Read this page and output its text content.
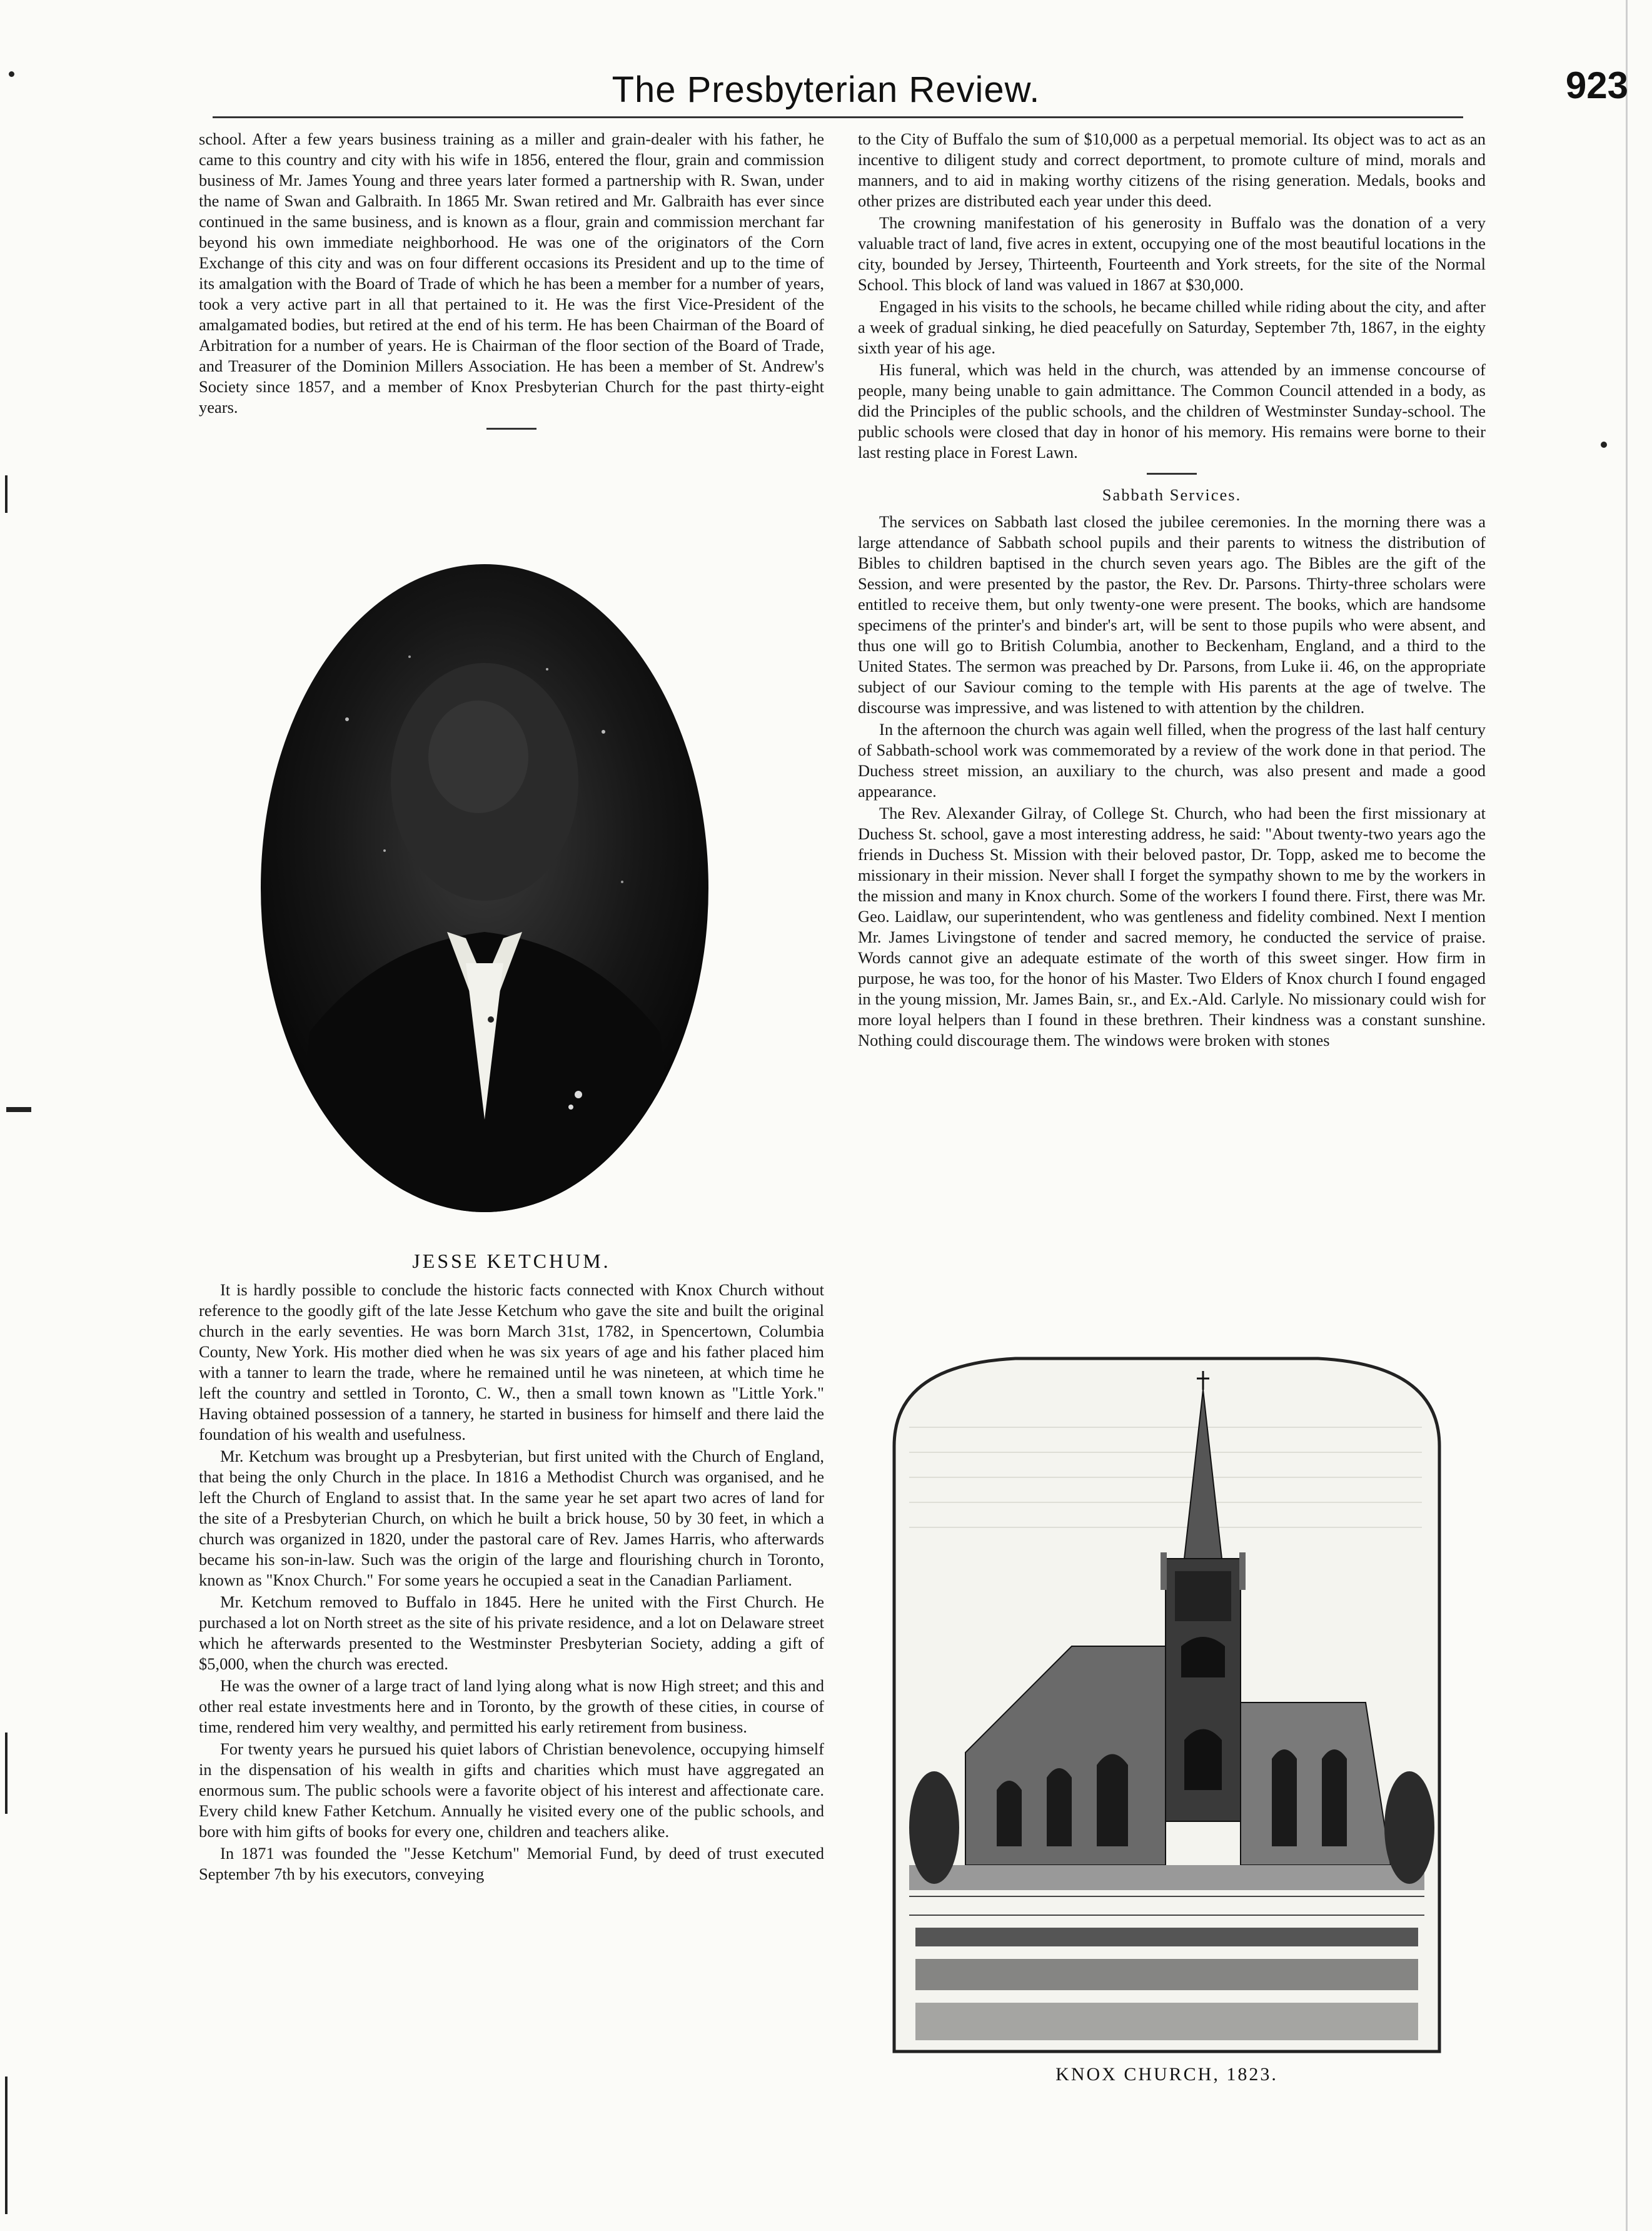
The Presbyterian Review.	923

school. After a few years business training as a miller and grain-dealer with his father, he came to this country and city with his wife in 1856, entered the flour, grain and commission business of Mr. James Young and three years later formed a partnership with R. Swan, under the name of Swan and Galbraith. In 1865 Mr. Swan retired and Mr. Galbraith has ever since continued in the same business, and is known as a flour, grain and commission merchant far beyond his own immediate neighborhood. He was one of the originators of the Corn Exchange of this city and was on four different occasions its President and up to the time of its amalgation with the Board of Trade of which he has been a member for a number of years, took a very active part in all that pertained to it. He was the first Vice-President of the amalgamated bodies, but retired at the end of his term. He has been Chairman of the Board of Arbitration for a number of years. He is Chairman of the floor section of the Board of Trade, and Treasurer of the Dominion Millers Association. He has been a member of St. Andrew's Society since 1857, and a member of Knox Presbyterian Church for the past thirty-eight years.

JESSE KETCHUM.

It is hardly possible to conclude the historic facts connected with Knox Church without reference to the goodly gift of the late Jesse Ketchum who gave the site and built the original church in the early seventies. He was born March 31st, 1782, in Spencertown, Columbia County, New York. His mother died when he was six years of age and his father placed him with a tanner to learn the trade, where he remained until he was nineteen, at which time he left the country and settled in Toronto, C. W., then a small town known as "Little York." Having obtained possession of a tannery, he started in business for himself and there laid the foundation of his wealth and usefulness.

Mr. Ketchum was brought up a Presbyterian, but first united with the Church of England, that being the only Church in the place. In 1816 a Methodist Church was organised, and he left the Church of England to assist that. In the same year he set apart two acres of land for the site of a Presbyterian Church, on which he built a brick house, 50 by 30 feet, in which a church was organized in 1820, under the pastoral care of Rev. James Harris, who afterwards became his son-in-law. Such was the origin of the large and flourishing church in Toronto, known as "Knox Church." For some years he occupied a seat in the Canadian Parliament.

Mr. Ketchum removed to Buffalo in 1845. Here he united with the First Church. He purchased a lot on North street as the site of his private residence, and a lot on Delaware street which he afterwards presented to the Westminster Presbyterian Society, adding a gift of $5,000, when the church was erected.

He was the owner of a large tract of land lying along what is now High street; and this and other real estate investments here and in Toronto, by the growth of these cities, in course of time, rendered him very wealthy, and permitted his early retirement from business.

For twenty years he pursued his quiet labors of Christian benevolence, occupying himself in the dispensation of his wealth in gifts and charities which must have aggregated an enormous sum. The public schools were a favorite object of his interest and affectionate care. Every child knew Father Ketchum. Annually he visited every one of the public schools, and bore with him gifts of books for every one, children and teachers alike.

In 1871 was founded the "Jesse Ketchum" Memorial Fund, by deed of trust executed September 7th by his executors, conveying

to the City of Buffalo the sum of $10,000 as a perpetual memorial. Its object was to act as an incentive to diligent study and correct deportment, to promote culture of mind, morals and manners, and to aid in making worthy citizens of the rising generation. Medals, books and other prizes are distributed each year under this deed.

The crowning manifestation of his generosity in Buffalo was the donation of a very valuable tract of land, five acres in extent, occupying one of the most beautiful locations in the city, bounded by Jersey, Thirteenth, Fourteenth and York streets, for the site of the Normal School. This block of land was valued in 1867 at $30,000.

Engaged in his visits to the schools, he became chilled while riding about the city, and after a week of gradual sinking, he died peacefully on Saturday, September 7th, 1867, in the eighty sixth year of his age.

His funeral, which was held in the church, was attended by an immense concourse of people, many being unable to gain admittance. The Common Council attended in a body, as did the Principles of the public schools, and the children of Westminster Sunday-school. The public schools were closed that day in honor of his memory. His remains were borne to their last resting place in Forest Lawn.

Sabbath Services.

The services on Sabbath last closed the jubilee ceremonies. In the morning there was a large attendance of Sabbath school pupils and their parents to witness the distribution of Bibles to children baptised in the church seven years ago. The Bibles are the gift of the Session, and were presented by the pastor, the Rev. Dr. Parsons. Thirty-three scholars were entitled to receive them, but only twenty-one were present. The books, which are handsome specimens of the printer's and binder's art, will be sent to those pupils who were absent, and thus one will go to British Columbia, another to Beckenham, England, and a third to the United States. The sermon was preached by Dr. Parsons, from Luke ii. 46, on the appropriate subject of our Saviour coming to the temple with His parents at the age of twelve. The discourse was impressive, and was listened to with attention by the children.

In the afternoon the church was again well filled, when the progress of the last half century of Sabbath-school work was commemorated by a review of the work done in that period. The Duchess street mission, an auxiliary to the church, was also present and made a good appearance.

The Rev. Alexander Gilray, of College St. Church, who had been the first missionary at Duchess St. school, gave a most interesting address, he said: "About twenty-two years ago the friends in Duchess St. Mission with their beloved pastor, Dr. Topp, asked me to become the missionary in their mission. Never shall I forget the sympathy shown to me by the workers in the mission and many in Knox church. Some of the workers I found there. First, there was Mr. Geo. Laidlaw, our superintendent, who was gentleness and fidelity combined. Next I mention Mr. James Livingstone of tender and sacred memory, he conducted the service of praise. Words cannot give an adequate estimate of the worth of this sweet singer. How firm in purpose, he was too, for the honor of his Master. Two Elders of Knox church I found engaged in the young mission, Mr. James Bain, sr., and Ex.-Ald. Carlyle. No missionary could wish for more loyal helpers than I found in these brethren. Their kindness was a constant sunshine. Nothing could discourage them. The windows were broken with stones

KNOX CHURCH, 1823.
